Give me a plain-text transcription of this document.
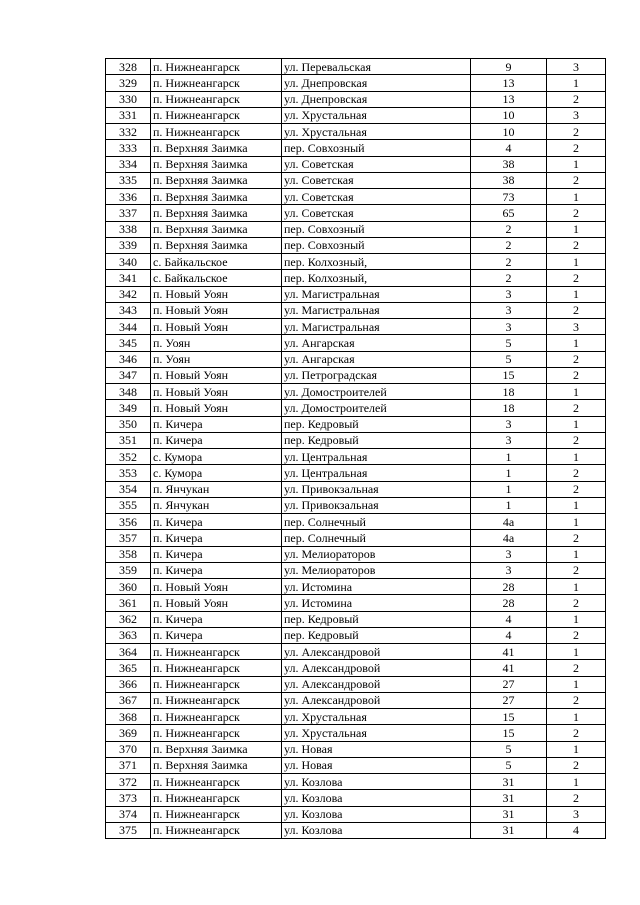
328	п. Нижнеангарск	ул. Перевальская	9	3
329	п. Нижнеангарск	ул. Днепровская	13	1
330	п. Нижнеангарск	ул. Днепровская	13	2
331	п. Нижнеангарск	ул. Хрустальная	10	3
332	п. Нижнеангарск	ул. Хрустальная	10	2
333	п. Верхняя Заимка	пер. Совхозный	4	2
334	п. Верхняя Заимка	ул. Советская	38	1
335	п. Верхняя Заимка	ул. Советская	38	2
336	п. Верхняя Заимка	ул. Советская	73	1
337	п. Верхняя Заимка	ул. Советская	65	2
338	п. Верхняя Заимка	пер. Совхозный	2	1
339	п. Верхняя Заимка	пер. Совхозный	2	2
340	с. Байкальское	пер. Колхозный,	2	1
341	с. Байкальское	пер. Колхозный,	2	2
342	п. Новый Уоян	ул. Магистральная	3	1
343	п. Новый Уоян	ул. Магистральная	3	2
344	п. Новый Уоян	ул. Магистральная	3	3
345	п. Уоян	ул. Ангарская	5	1
346	п. Уоян	ул. Ангарская	5	2
347	п. Новый Уоян	ул. Петроградская	15	2
348	п. Новый Уоян	ул. Домостроителей	18	1
349	п. Новый Уоян	ул. Домостроителей	18	2
350	п. Кичера	пер. Кедровый	3	1
351	п. Кичера	пер. Кедровый	3	2
352	с. Кумора	ул. Центральная	1	1
353	с. Кумора	ул. Центральная	1	2
354	п. Янчукан	ул. Привокзальная	1	2
355	п. Янчукан	ул. Привокзальная	1	1
356	п. Кичера	пер. Солнечный	4а	1
357	п. Кичера	пер. Солнечный	4а	2
358	п. Кичера	ул. Мелиораторов	3	1
359	п. Кичера	ул. Мелиораторов	3	2
360	п. Новый Уоян	ул. Истомина	28	1
361	п. Новый Уоян	ул. Истомина	28	2
362	п. Кичера	пер. Кедровый	4	1
363	п. Кичера	пер. Кедровый	4	2
364	п. Нижнеангарск	ул. Александровой	41	1
365	п. Нижнеангарск	ул. Александровой	41	2
366	п. Нижнеангарск	ул. Александровой	27	1
367	п. Нижнеангарск	ул. Александровой	27	2
368	п. Нижнеангарск	ул. Хрустальная	15	1
369	п. Нижнеангарск	ул. Хрустальная	15	2
370	п. Верхняя Заимка	ул. Новая	5	1
371	п. Верхняя Заимка	ул. Новая	5	2
372	п. Нижнеангарск	ул. Козлова	31	1
373	п. Нижнеангарск	ул. Козлова	31	2
374	п. Нижнеангарск	ул. Козлова	31	3
375	п. Нижнеангарск	ул. Козлова	31	4
